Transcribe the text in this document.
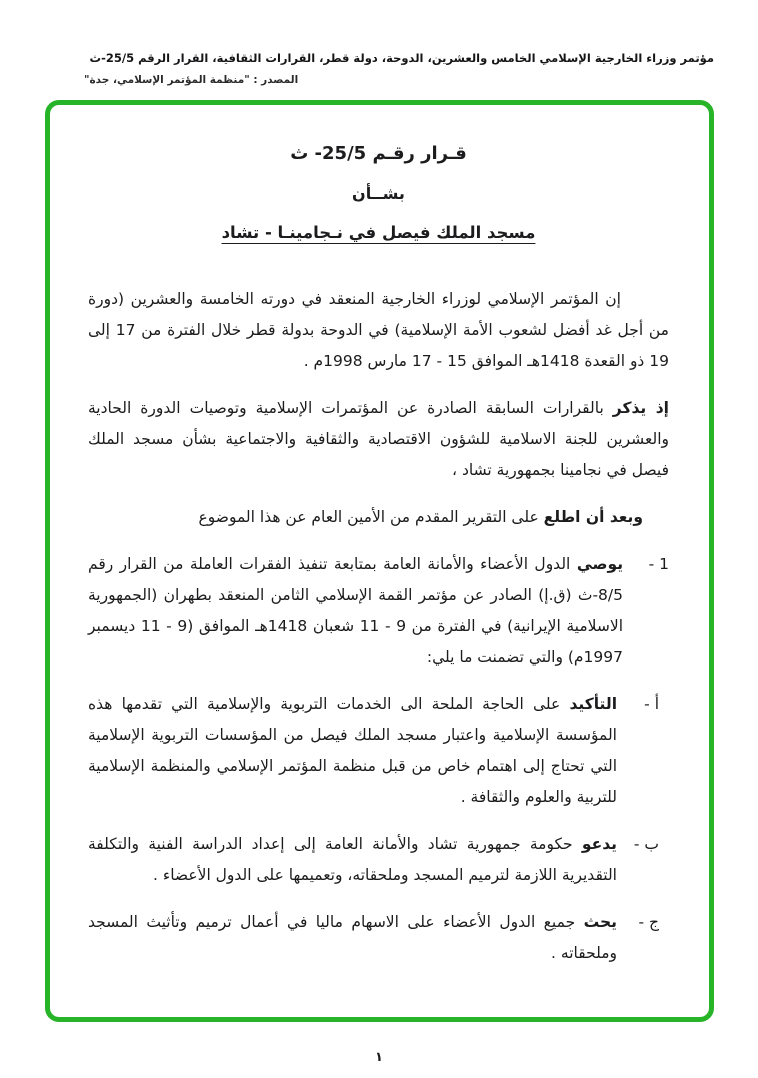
مؤتمر وزراء الخارجية الإسلامي الخامس والعشرين، الدوحة، دولة قطر، القرارات الثقافية، القرار الرقم 25/5-ث
المصدر : "منظمة المؤتمر الإسلامي، جدة"
قـرار رقـم 25/5- ث
بشــأن
مسجد الملك فيصل في نـجامينـا - تشاد

إن المؤتمر الإسلامي لوزراء الخارجية المنعقد في دورته الخامسة والعشرين (دورة من أجل غد أفضل لشعوب الأمة الإسلامية) في الدوحة بدولة قطر خلال الفترة من 17 إلى 19 ذو القعدة 1418هـ الموافق 15 - 17 مارس 1998م .

إذ يذكر بالقرارات السابقة الصادرة عن المؤتمرات الإسلامية وتوصيات الدورة الحادية والعشرين للجنة الاسلامية للشؤون الاقتصادية والثقافية والاجتماعية بشأن مسجد الملك فيصل في نجامينا بجمهورية تشاد ،

وبعد أن اطلع على التقرير المقدم من الأمين العام عن هذا الموضوع

1 -
يوصي الدول الأعضاء والأمانة العامة بمتابعة تنفيذ الفقرات العاملة من القرار رقم 8/5-ث (ق.إ) الصادر عن مؤتمر القمة الإسلامي الثامن المنعقد بطهران (الجمهورية الاسلامية الإيرانية) في الفترة من 9 - 11 شعبان 1418هـ الموافق (9 - 11 ديسمبر 1997م) والتي تضمنت ما يلي:
أ -
التأكيد على الحاجة الملحة الى الخدمات التربوية والإسلامية التي تقدمها هذه المؤسسة الإسلامية واعتبار مسجد الملك فيصل من المؤسسات التربوية الإسلامية التي تحتاج إلى اهتمام خاص من قبل منظمة المؤتمر الإسلامي والمنظمة الإسلامية للتربية والعلوم والثقافة .
ب -
يدعو حكومة جمهورية تشاد والأمانة العامة إلى إعداد الدراسة الفنية والتكلفة التقديرية اللازمة لترميم المسجد وملحقاته، وتعميمها على الدول الأعضاء .
ج -
يحث جميع الدول الأعضاء على الاسهام ماليا في أعمال ترميم وتأثيث المسجد وملحقاته .
١
